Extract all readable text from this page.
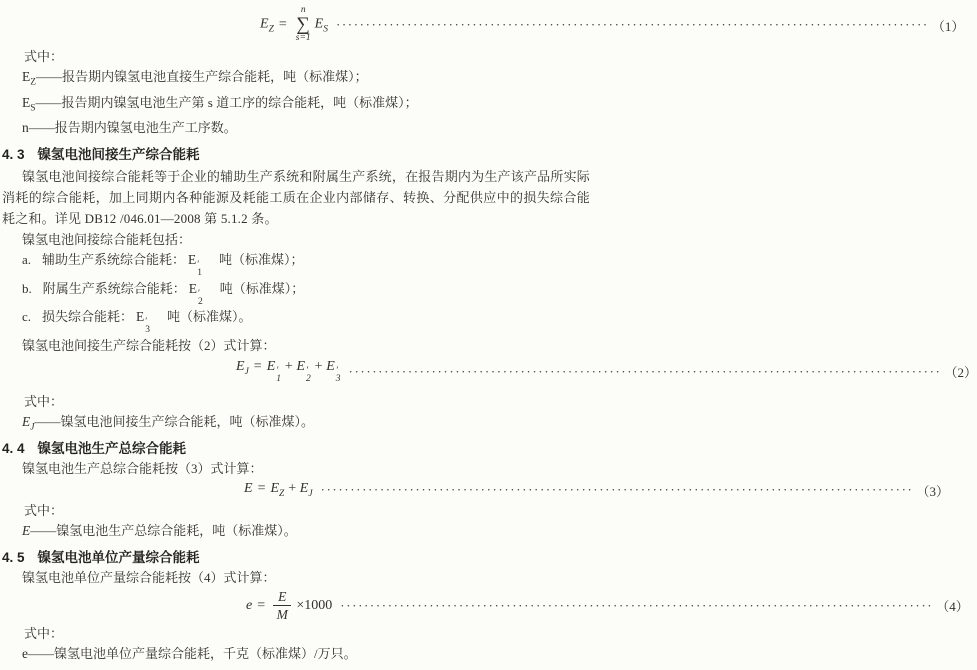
$E_Z$ =
n
∑
s=1
$E_S$ ···································································································· （1）
式中：
$E_Z——$报告期内镍氢电池直接生产综合能耗，吨（标准煤）；
$E_S——$报告期内镍氢电池生产第 s 道工序的综合能耗，吨（标准煤）；
n——报告期内镍氢电池生产工序数。
4. 3 镍氢电池间接生产综合能耗
镍氢电池间接综合能耗等于企业的辅助生产系统和附属生产系统，在报告期内为生产该产品所实际消耗的综合能耗，加上同期内各种能源及耗能工质在企业内部储存、转换、分配供应中的损失综合能耗之和。详见 DB12 /046.01—2008 第 5.1.2 条。
镍氢电池间接综合能耗包括：
a. 辅助生产系统综合能耗： E ′
1
吨（标准煤）；
b. 附属生产系统综合能耗： E ′
2
吨（标准煤）；
c. 损失综合能耗： E ′
3
吨（标准煤）。
镍氢电池间接生产综合能耗按（2）式计算：
$E_J = E$ ′
1
+ E ′
2
+ E ′
3
···································································································· （2）
式中：
$E_J——$镍氢电池间接生产综合能耗，吨（标准煤）。
4. 4 镍氢电池生产总综合能耗
镍氢电池生产总综合能耗按（3）式计算：
$E = E_Z + E_J$ ···································································································· （3）
式中：
E——镍氢电池生产总综合能耗，吨（标准煤）。
4. 5 镍氢电池单位产量综合能耗
镍氢电池单位产量综合能耗按（4）式计算：
$e = \frac{E}{M} \times 1000$ ···································································································· （4）
式中：
e——镍氢电池单位产量综合能耗，千克（标准煤）/万只。
